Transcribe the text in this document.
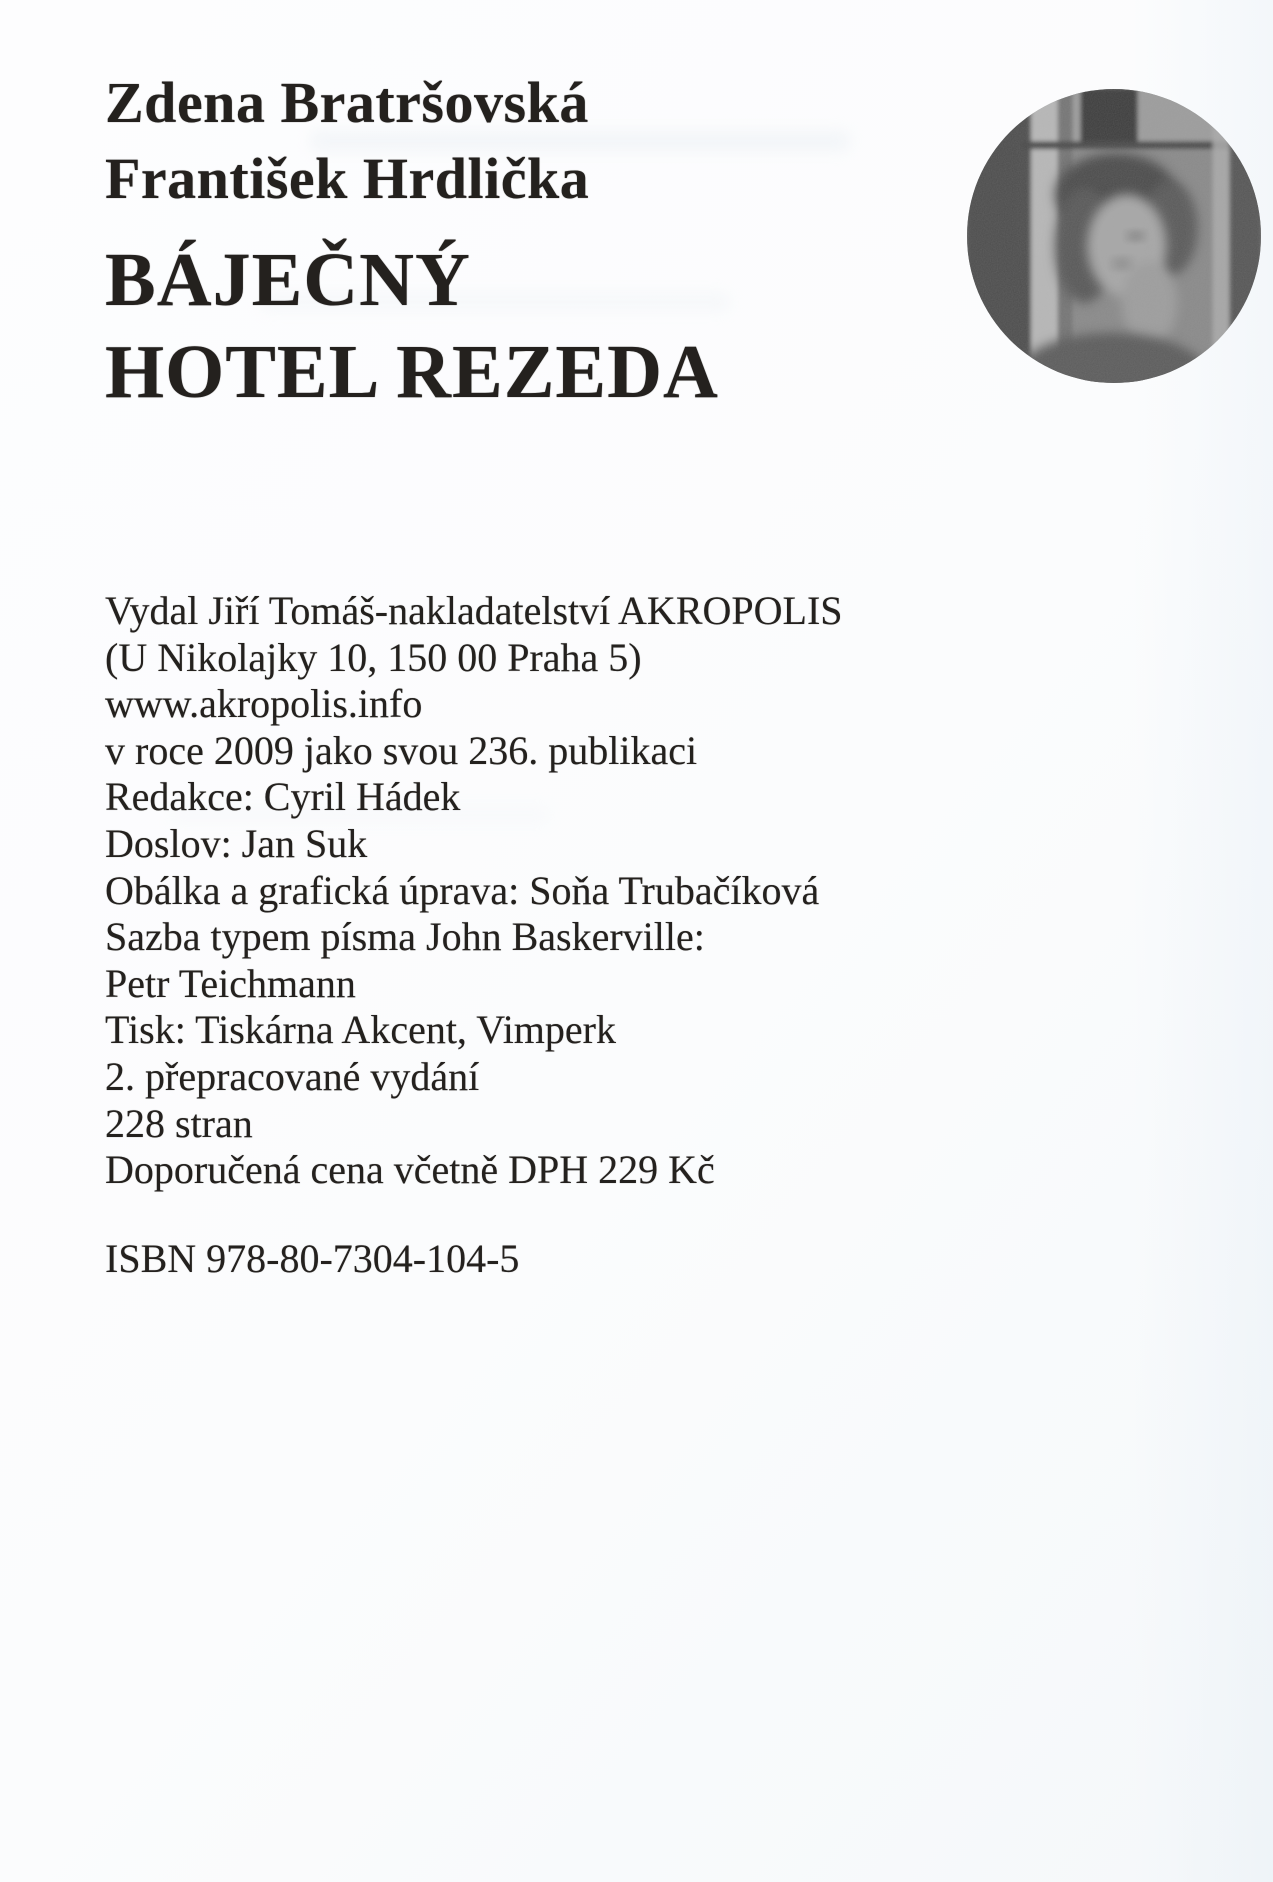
Zdena Bratršovská
František Hrdlička
BÁJEČNÝ
HOTEL REZEDA
Vydal Jiří Tomáš-nakladatelství AKROPOLIS
(U Nikolajky 10, 150 00 Praha 5)
www.akropolis.info
v roce 2009 jako svou 236. publikaci
Redakce: Cyril Hádek
Doslov: Jan Suk
Obálka a grafická úprava: Soňa Trubačíková
Sazba typem písma John Baskerville:
Petr Teichmann
Tisk: Tiskárna Akcent, Vimperk
2. přepracované vydání
228 stran
Doporučená cena včetně DPH 229 Kč
ISBN 978-80-7304-104-5
